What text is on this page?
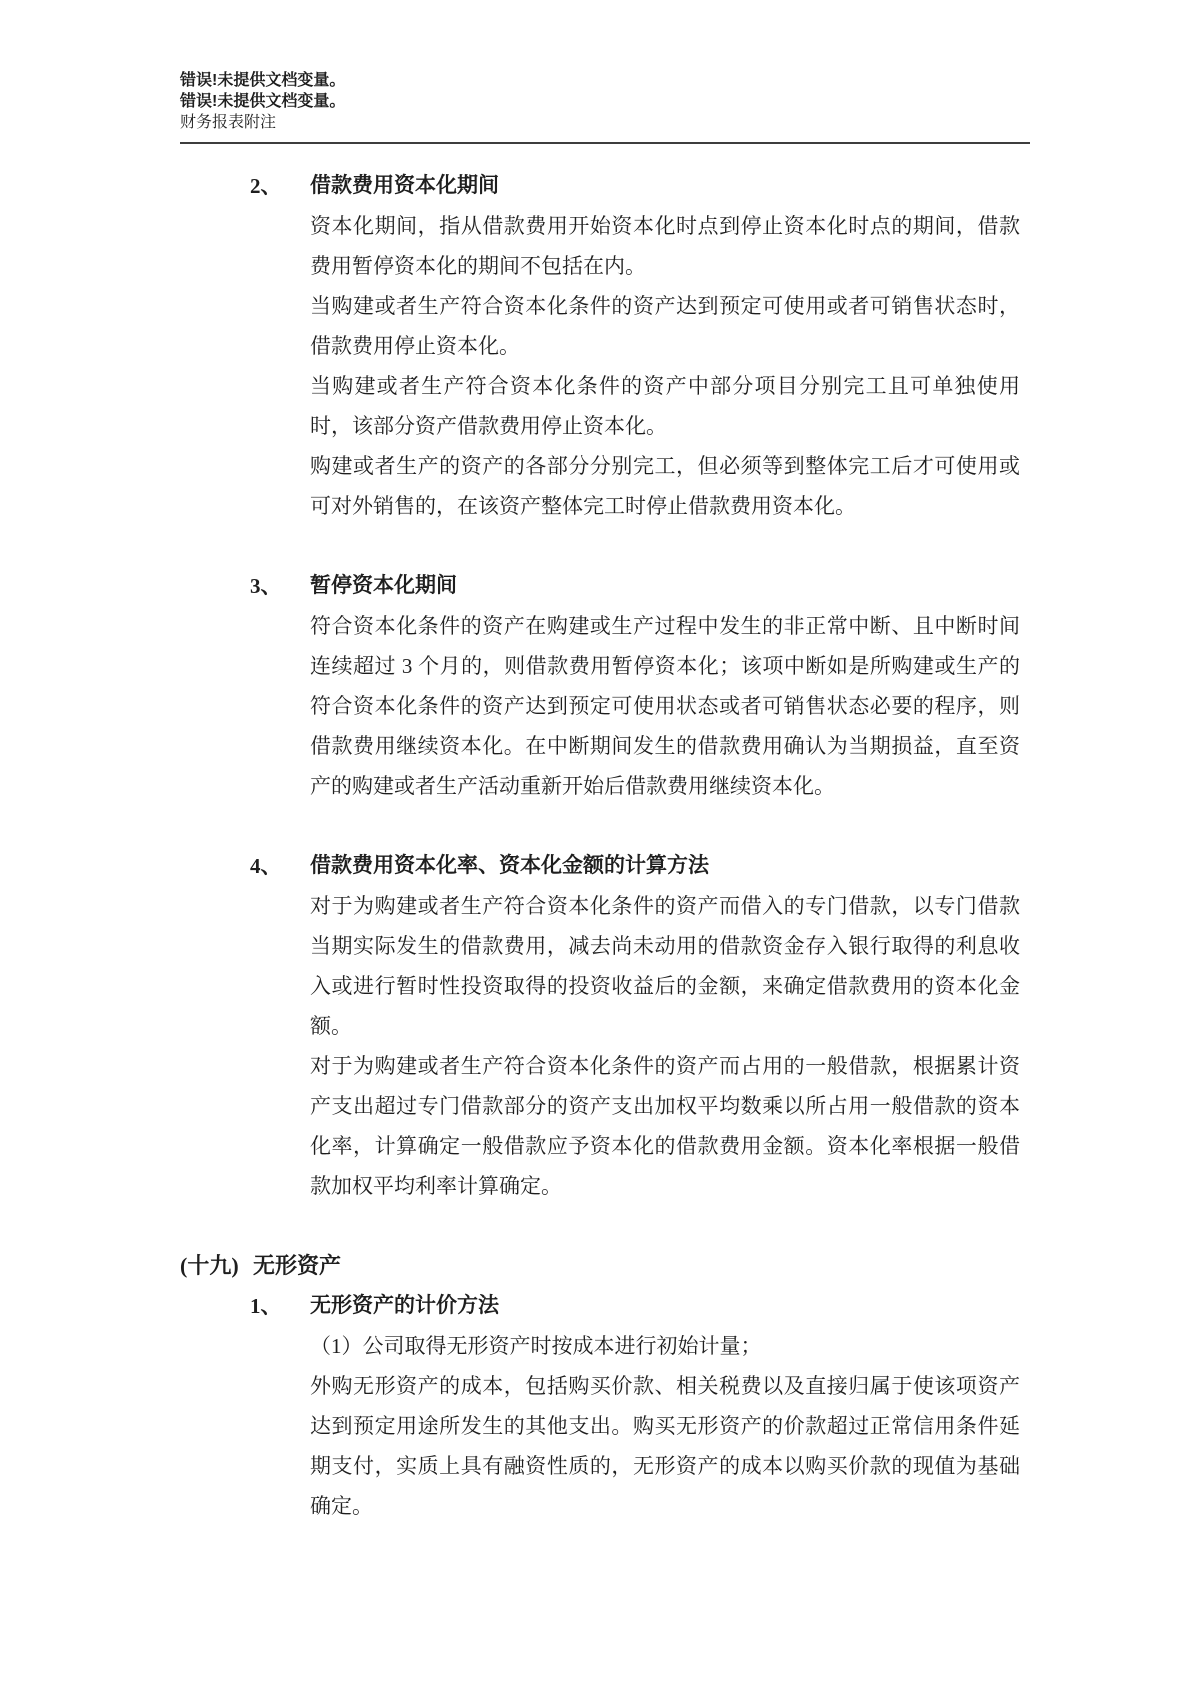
错误!未提供文档变量。
错误!未提供文档变量。
财务报表附注
2、	借款费用资本化期间

资本化期间，指从借款费用开始资本化时点到停止资本化时点的期间，借款费用暂停资本化的期间不包括在内。

当购建或者生产符合资本化条件的资产达到预定可使用或者可销售状态时，借款费用停止资本化。

当购建或者生产符合资本化条件的资产中部分项目分别完工且可单独使用时，该部分资产借款费用停止资本化。

购建或者生产的资产的各部分分别完工，但必须等到整体完工后才可使用或可对外销售的，在该资产整体完工时停止借款费用资本化。

3、	暂停资本化期间

符合资本化条件的资产在购建或生产过程中发生的非正常中断、且中断时间连续超过 3 个月的，则借款费用暂停资本化；该项中断如是所购建或生产的符合资本化条件的资产达到预定可使用状态或者可销售状态必要的程序，则借款费用继续资本化。在中断期间发生的借款费用确认为当期损益，直至资产的购建或者生产活动重新开始后借款费用继续资本化。

4、	借款费用资本化率、资本化金额的计算方法

对于为购建或者生产符合资本化条件的资产而借入的专门借款，以专门借款当期实际发生的借款费用，减去尚未动用的借款资金存入银行取得的利息收入或进行暂时性投资取得的投资收益后的金额，来确定借款费用的资本化金额。

对于为购建或者生产符合资本化条件的资产而占用的一般借款，根据累计资产支出超过专门借款部分的资产支出加权平均数乘以所占用一般借款的资本化率，计算确定一般借款应予资本化的借款费用金额。资本化率根据一般借款加权平均利率计算确定。

(十九) 无形资产
1、	无形资产的计价方法

（1）公司取得无形资产时按成本进行初始计量；

外购无形资产的成本，包括购买价款、相关税费以及直接归属于使该项资产达到预定用途所发生的其他支出。购买无形资产的价款超过正常信用条件延期支付，实质上具有融资性质的，无形资产的成本以购买价款的现值为基础确定。
